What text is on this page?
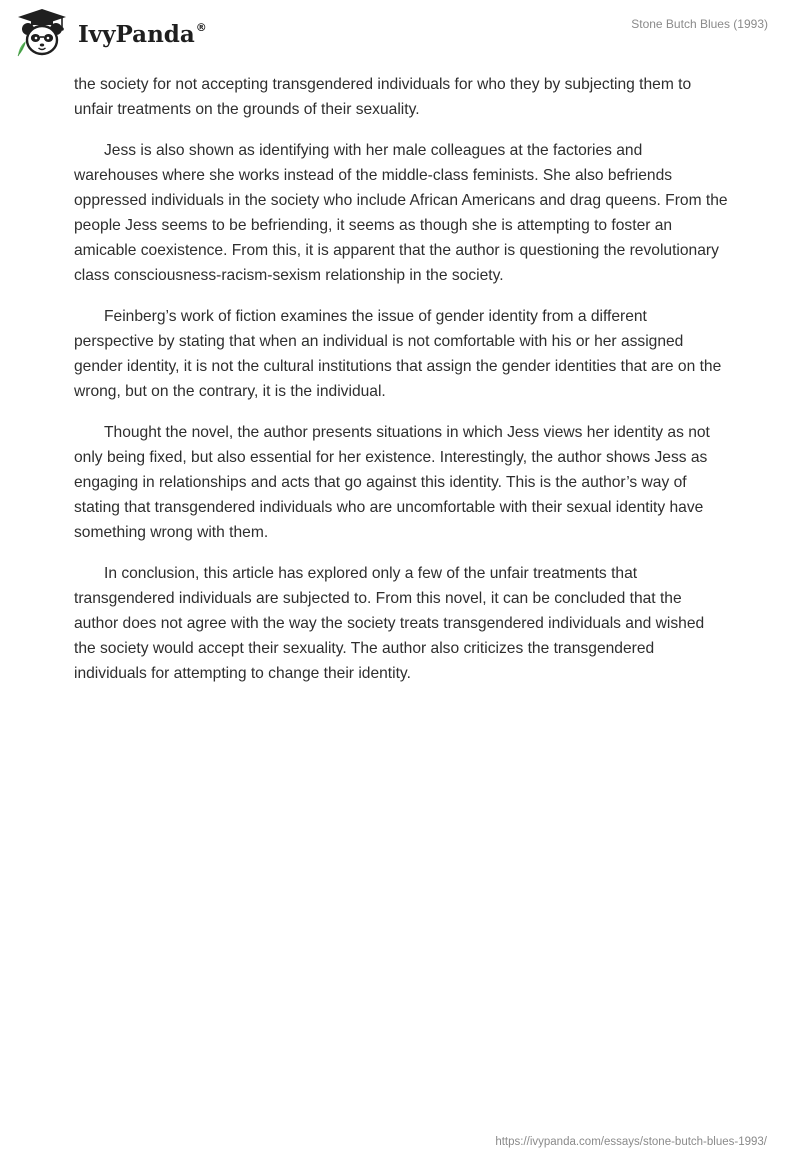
IvyPanda ®	Stone Butch Blues (1993)

the society for not accepting transgendered individuals for who they by subjecting them to unfair treatments on the grounds of their sexuality.

Jess is also shown as identifying with her male colleagues at the factories and warehouses where she works instead of the middle-class feminists. She also befriends oppressed individuals in the society who include African Americans and drag queens. From the people Jess seems to be befriending, it seems as though she is attempting to foster an amicable coexistence. From this, it is apparent that the author is questioning the revolutionary class consciousness-racism-sexism relationship in the society.

Feinberg’s work of fiction examines the issue of gender identity from a different perspective by stating that when an individual is not comfortable with his or her assigned gender identity, it is not the cultural institutions that assign the gender identities that are on the wrong, but on the contrary, it is the individual.

Thought the novel, the author presents situations in which Jess views her identity as not only being fixed, but also essential for her existence. Interestingly, the author shows Jess as engaging in relationships and acts that go against this identity. This is the author’s way of stating that transgendered individuals who are uncomfortable with their sexual identity have something wrong with them.

In conclusion, this article has explored only a few of the unfair treatments that transgendered individuals are subjected to. From this novel, it can be concluded that the author does not agree with the way the society treats transgendered individuals and wished the society would accept their sexuality. The author also criticizes the transgendered individuals for attempting to change their identity.

https://ivypanda.com/essays/stone-butch-blues-1993/
